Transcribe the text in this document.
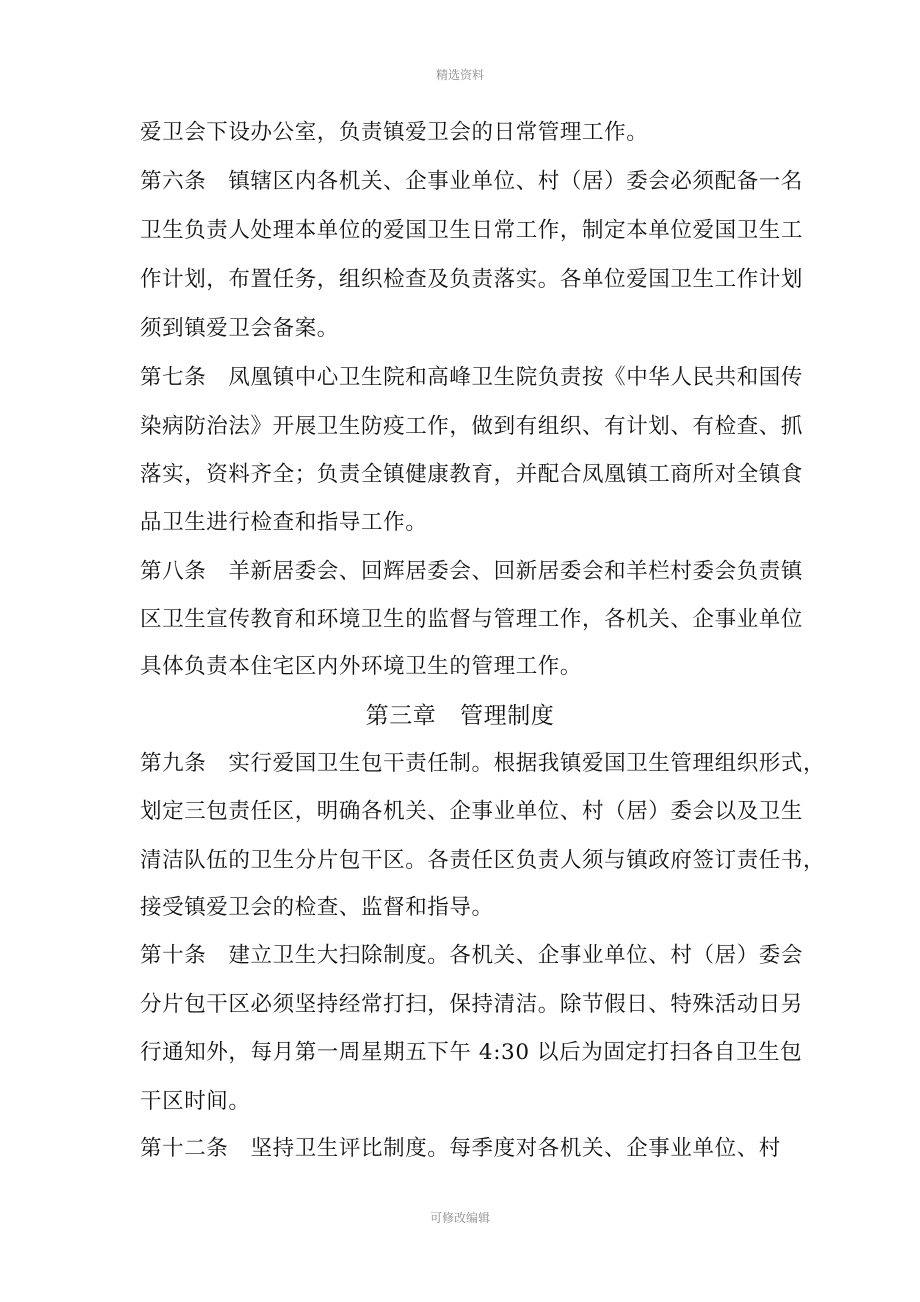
精选资料
爱卫会下设办公室，负责镇爱卫会的日常管理工作。
第六条　镇辖区内各机关、企事业单位、村（居）委会必须配备一名
卫生负责人处理本单位的爱国卫生日常工作，制定本单位爱国卫生工
作计划，布置任务，组织检查及负责落实。各单位爱国卫生工作计划
须到镇爱卫会备案。
第七条　凤凰镇中心卫生院和高峰卫生院负责按《中华人民共和国传
染病防治法》开展卫生防疫工作，做到有组织、有计划、有检查、抓
落实，资料齐全；负责全镇健康教育，并配合凤凰镇工商所对全镇食
品卫生进行检查和指导工作。
第八条　羊新居委会、回辉居委会、回新居委会和羊栏村委会负责镇
区卫生宣传教育和环境卫生的监督与管理工作，各机关、企事业单位
具体负责本住宅区内外环境卫生的管理工作。
第三章　管理制度
第九条　实行爱国卫生包干责任制。根据我镇爱国卫生管理组织形式，
划定三包责任区，明确各机关、企事业单位、村（居）委会以及卫生
清洁队伍的卫生分片包干区。各责任区负责人须与镇政府签订责任书，
接受镇爱卫会的检查、监督和指导。
第十条　建立卫生大扫除制度。各机关、企事业单位、村（居）委会
分片包干区必须坚持经常打扫，保持清洁。除节假日、特殊活动日另
行通知外，每月第一周星期五下午 4:30 以后为固定打扫各自卫生包
干区时间。
第十二条　坚持卫生评比制度。每季度对各机关、企事业单位、村
可修改编辑
